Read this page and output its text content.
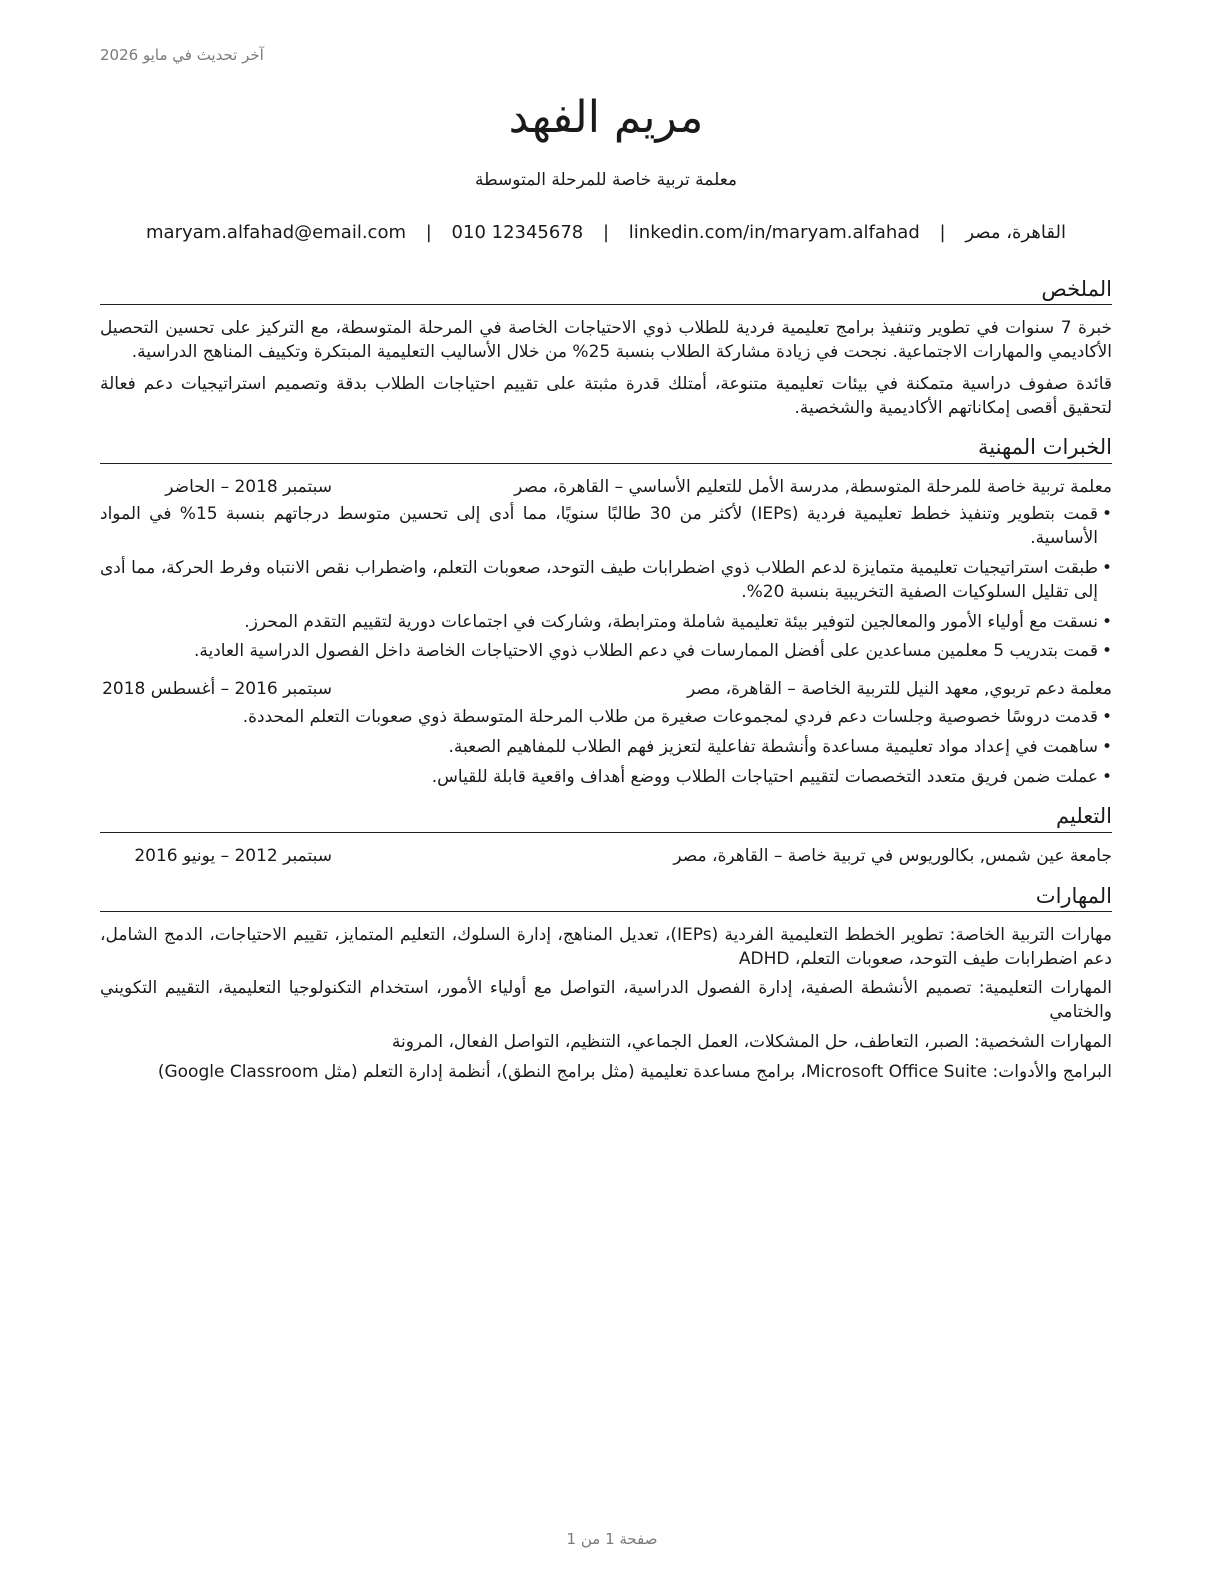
آخر تحديث في مايو 2026
مريم الفهد
معلمة تربية خاصة للمرحلة المتوسطة
القاهرة، مصر | maryam.alfahad@email.com | 010 12345678 | linkedin.com/in/maryam.alfahad
الملخص

خبرة 7 سنوات في تطوير وتنفيذ برامج تعليمية فردية للطلاب ذوي الاحتياجات الخاصة في المرحلة المتوسطة، مع التركيز على تحسين التحصيل الأكاديمي والمهارات الاجتماعية. نجحت في زيادة مشاركة الطلاب بنسبة 25% من خلال الأساليب التعليمية المبتكرة وتكييف المناهج الدراسية.

قائدة صفوف دراسية متمكنة في بيئات تعليمية متنوعة، أمتلك قدرة مثبتة على تقييم احتياجات الطلاب بدقة وتصميم استراتيجيات دعم فعالة لتحقيق أقصى إمكاناتهم الأكاديمية والشخصية.

الخبرات المهنية
معلمة تربية خاصة للمرحلة المتوسطة, مدرسة الأمل للتعليم الأساسي – القاهرة، مصر
سبتمبر 2018 – الحاضر
• قمت بتطوير وتنفيذ خطط تعليمية فردية (IEPs) لأكثر من 30 طالبًا سنويًا، مما أدى إلى تحسين متوسط درجاتهم بنسبة 15% في المواد الأساسية.
• طبقت استراتيجيات تعليمية متمايزة لدعم الطلاب ذوي اضطرابات طيف التوحد، صعوبات التعلم، واضطراب نقص الانتباه وفرط الحركة، مما أدى إلى تقليل السلوكيات الصفية التخريبية بنسبة 20%.
• نسقت مع أولياء الأمور والمعالجين لتوفير بيئة تعليمية شاملة ومترابطة، وشاركت في اجتماعات دورية لتقييم التقدم المحرز.
• قمت بتدريب 5 معلمين مساعدين على أفضل الممارسات في دعم الطلاب ذوي الاحتياجات الخاصة داخل الفصول الدراسية العادية.
معلمة دعم تربوي, معهد النيل للتربية الخاصة – القاهرة، مصر
سبتمبر 2016 – أغسطس 2018
• قدمت دروسًا خصوصية وجلسات دعم فردي لمجموعات صغيرة من طلاب المرحلة المتوسطة ذوي صعوبات التعلم المحددة.
• ساهمت في إعداد مواد تعليمية مساعدة وأنشطة تفاعلية لتعزيز فهم الطلاب للمفاهيم الصعبة.
• عملت ضمن فريق متعدد التخصصات لتقييم احتياجات الطلاب ووضع أهداف واقعية قابلة للقياس.
التعليم
جامعة عين شمس, بكالوريوس في تربية خاصة – القاهرة، مصر
سبتمبر 2012 – يونيو 2016
المهارات

مهارات التربية الخاصة: تطوير الخطط التعليمية الفردية (IEPs)، تعديل المناهج، إدارة السلوك، التعليم المتمايز، تقييم الاحتياجات، الدمج الشامل، دعم اضطرابات طيف التوحد، صعوبات التعلم، ADHD

المهارات التعليمية: تصميم الأنشطة الصفية، إدارة الفصول الدراسية، التواصل مع أولياء الأمور، استخدام التكنولوجيا التعليمية، التقييم التكويني والختامي

المهارات الشخصية: الصبر، التعاطف، حل المشكلات، العمل الجماعي، التنظيم، التواصل الفعال، المرونة

البرامج والأدوات: Microsoft Office Suite، برامج مساعدة تعليمية (مثل برامج النطق)، أنظمة إدارة التعلم (مثل Google Classroom)

صفحة 1 من 1
